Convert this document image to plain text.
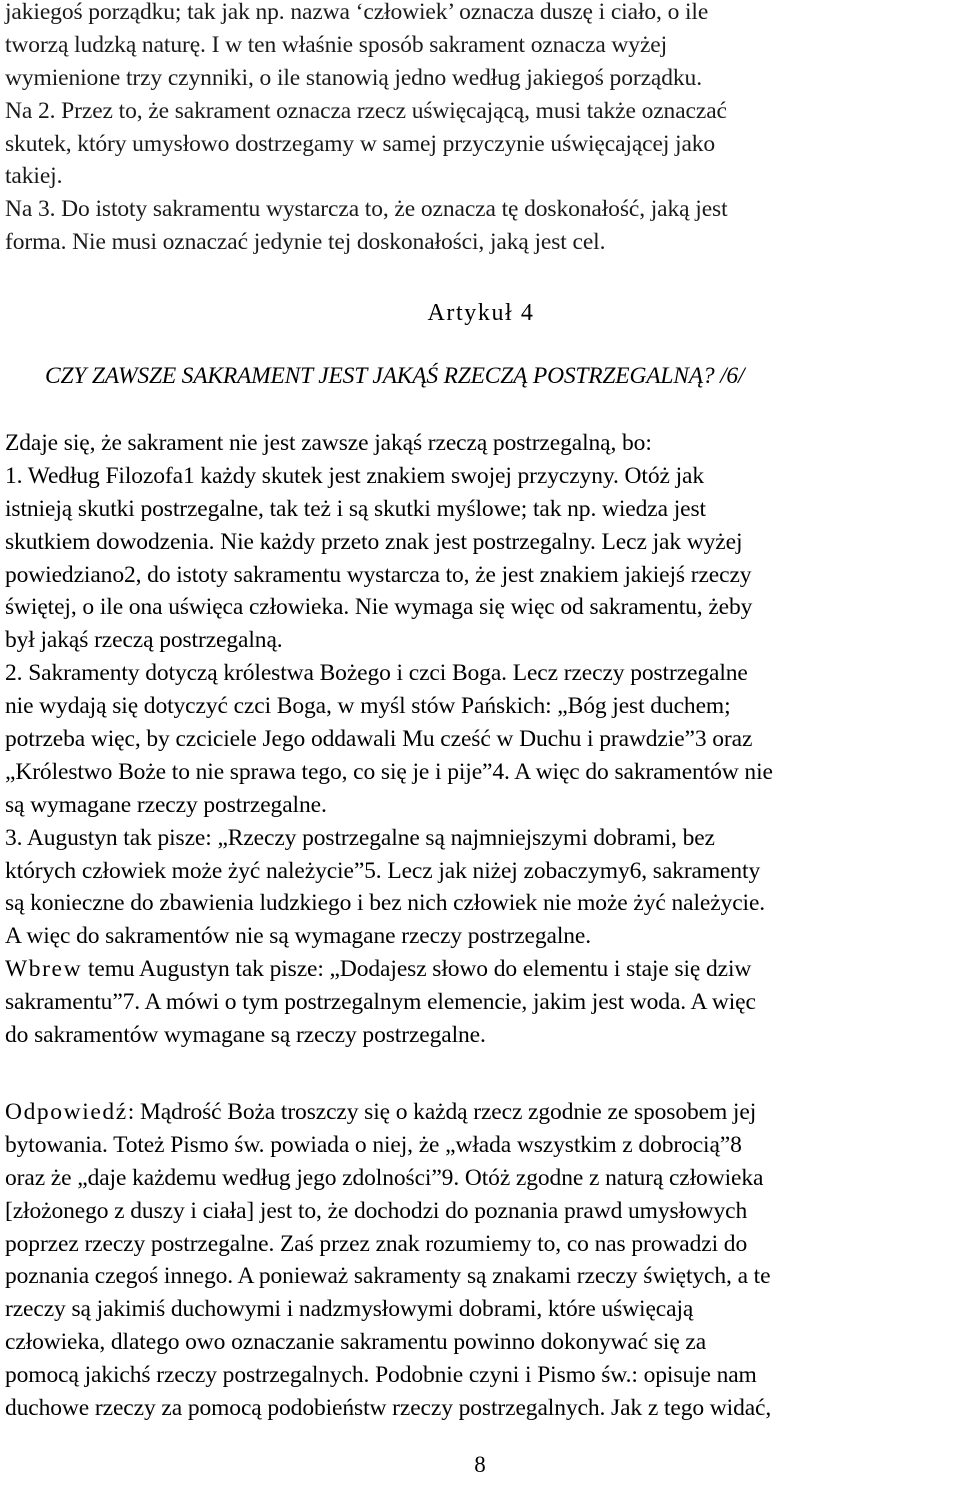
jakiegoś porządku; tak jak np. nazwa ‘człowiek’ oznacza duszę i ciało, o ile
tworzą ludzką naturę. I w ten właśnie sposób sakrament oznacza wyżej
wymienione trzy czynniki, o ile stanowią jedno według jakiegoś porządku.
Na 2. Przez to, że sakrament oznacza rzecz uświęcającą, musi także oznaczać
skutek, który umysłowo dostrzegamy w samej przyczynie uświęcającej jako
takiej.
Na 3. Do istoty sakramentu wystarcza to, że oznacza tę doskonałość, jaką jest
forma. Nie musi oznaczać jedynie tej doskonałości, jaką jest cel.
Artykuł 4
CZY ZAWSZE SAKRAMENT JEST JAKĄŚ RZECZĄ POSTRZEGALNĄ? /6/
Zdaje się, że sakrament nie jest zawsze jakąś rzeczą postrzegalną, bo:
1. Według Filozofa1 każdy skutek jest znakiem swojej przyczyny. Otóż jak
istnieją skutki postrzegalne, tak też i są skutki myślowe; tak np. wiedza jest
skutkiem dowodzenia. Nie każdy przeto znak jest postrzegalny. Lecz jak wyżej
powiedziano2, do istoty sakramentu wystarcza to, że jest znakiem jakiejś rzeczy
świętej, o ile ona uświęca człowieka. Nie wymaga się więc od sakramentu, żeby
był jakąś rzeczą postrzegalną.
2. Sakramenty dotyczą królestwa Bożego i czci Boga. Lecz rzeczy postrzegalne
nie wydają się dotyczyć czci Boga, w myśl stów Pańskich: „Bóg jest duchem;
potrzeba więc, by czciciele Jego oddawali Mu cześć w Duchu i prawdzie”3 oraz
„Królestwo Boże to nie sprawa tego, co się je i pije”4. A więc do sakramentów nie
są wymagane rzeczy postrzegalne.
3. Augustyn tak pisze: „Rzeczy postrzegalne są najmniejszymi dobrami, bez
których człowiek może żyć należycie”5. Lecz jak niżej zobaczymy6, sakramenty
są konieczne do zbawienia ludzkiego i bez nich człowiek nie może żyć należycie.
A więc do sakramentów nie są wymagane rzeczy postrzegalne.
Wbrew temu Augustyn tak pisze: „Dodajesz słowo do elementu i staje się dziw
sakramentu”7. A mówi o tym postrzegalnym elemencie, jakim jest woda. A więc
do sakramentów wymagane są rzeczy postrzegalne.
Odpowiedź: Mądrość Boża troszczy się o każdą rzecz zgodnie ze sposobem jej
bytowania. Toteż Pismo św. powiada o niej, że „włada wszystkim z dobrocią”8
oraz że „daje każdemu według jego zdolności”9. Otóż zgodne z naturą człowieka
[złożonego z duszy i ciała] jest to, że dochodzi do poznania prawd umysłowych
poprzez rzeczy postrzegalne. Zaś przez znak rozumiemy to, co nas prowadzi do
poznania czegoś innego. A ponieważ sakramenty są znakami rzeczy świętych, a te
rzeczy są jakimiś duchowymi i nadzmysłowymi dobrami, które uświęcają
człowieka, dlatego owo oznaczanie sakramentu powinno dokonywać się za
pomocą jakichś rzeczy postrzegalnych. Podobnie czyni i Pismo św.: opisuje nam
duchowe rzeczy za pomocą podobieństw rzeczy postrzegalnych. Jak z tego widać,
8
